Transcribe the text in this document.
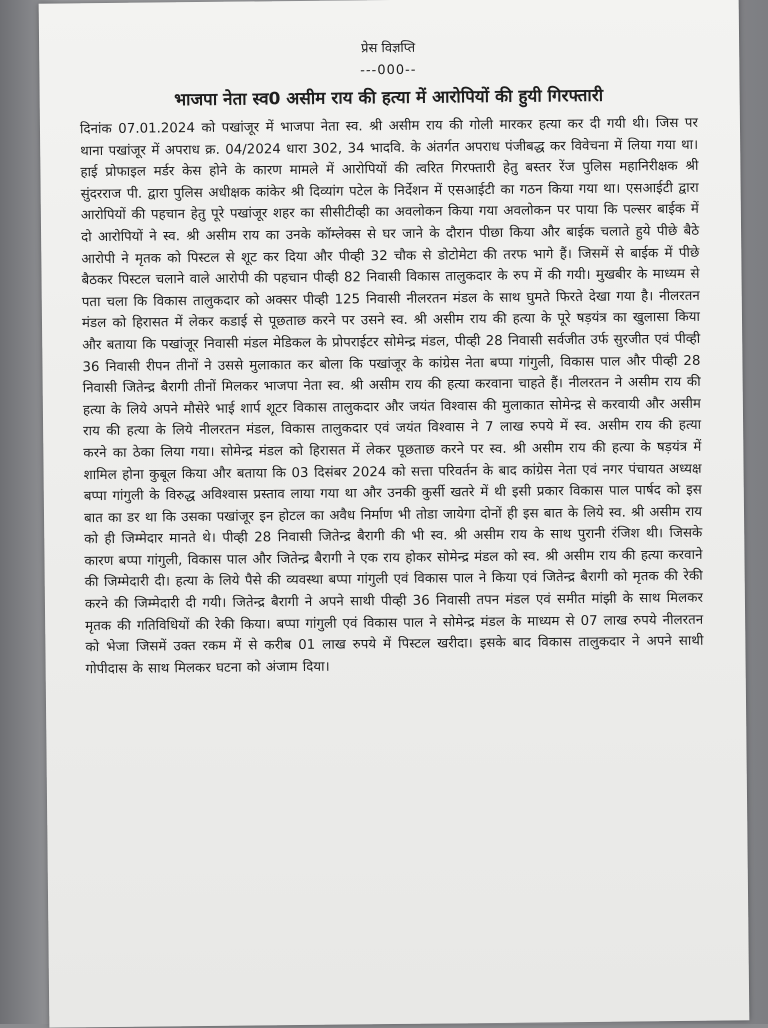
प्रेस विज्ञप्ति
---000--
भाजपा नेता स्व0 असीम राय की हत्या में आरोपियों की हुयी गिरफ्तारी

दिनांक 07.01.2024 को पखांजूर में भाजपा नेता स्व. श्री असीम राय की गोली मारकर हत्या कर दी गयी थी। जिस पर थाना पखांजूर में अपराध क्र. 04/2024 धारा 302, 34 भादवि. के अंतर्गत अपराध पंजीबद्ध कर विवेचना में लिया गया था। हाई प्रोफाइल मर्डर केस होने के कारण मामले में आरोपियों की त्वरित गिरफ्तारी हेतु बस्तर रेंज पुलिस महानिरीक्षक श्री सुंदरराज पी. द्वारा पुलिस अधीक्षक कांकेर श्री दिव्यांग पटेल के निर्देशन में एसआईटी का गठन किया गया था। एसआईटी द्वारा आरोपियों की पहचान हेतु पूरे पखांजूर शहर का सीसीटीव्ही का अवलोकन किया गया अवलोकन पर पाया कि पल्सर बाईक में दो आरोपियों ने स्व. श्री असीम राय का उनके कॉम्लेक्स से घर जाने के दौरान पीछा किया और बाईक चलाते हुये पीछे बैठे आरोपी ने मृतक को पिस्टल से शूट कर दिया और पीव्ही 32 चौक से डोटोमेटा की तरफ भागे हैं। जिसमें से बाईक में पीछे बैठकर पिस्टल चलाने वाले आरोपी की पहचान पीव्ही 82 निवासी विकास तालुकदार के रुप में की गयी। मुखबीर के माध्यम से पता चला कि विकास तालुकदार को अक्सर पीव्ही 125 निवासी नीलरतन मंडल के साथ घुमते फिरते देखा गया है। नीलरतन मंडल को हिरासत में लेकर कडाई से पूछताछ करने पर उसने स्व. श्री असीम राय की हत्या के पूरे षड़यंत्र का खुलासा किया और बताया कि पखांजूर निवासी मंडल मेडिकल के प्रोपराईटर सोमेन्द्र मंडल, पीव्ही 28 निवासी सर्वजीत उर्फ सुरजीत एवं पीव्ही 36 निवासी रीपन तीनों ने उससे मुलाकात कर बोला कि पखांजूर के कांग्रेस नेता बप्पा गांगुली, विकास पाल और पीव्ही 28 निवासी जितेन्द्र बैरागी तीनों मिलकर भाजपा नेता स्व. श्री असीम राय की हत्या करवाना चाहते हैं। नीलरतन ने असीम राय की हत्या के लिये अपने मौसेरे भाई शार्प शूटर विकास तालुकदार और जयंत विश्वास की मुलाकात सोमेन्द्र से करवायी और असीम राय की हत्या के लिये नीलरतन मंडल, विकास तालुकदार एवं जयंत विश्वास ने 7 लाख रुपये में स्व. असीम राय की हत्या करने का ठेका लिया गया। सोमेन्द्र मंडल को हिरासत में लेकर पूछताछ करने पर स्व. श्री असीम राय की हत्या के षड़यंत्र में शामिल होना कुबूल किया और बताया कि 03 दिसंबर 2024 को सत्ता परिवर्तन के बाद कांग्रेस नेता एवं नगर पंचायत अध्यक्ष बप्पा गांगुली के विरुद्ध अविश्वास प्रस्ताव लाया गया था और उनकी कुर्सी खतरे में थी इसी प्रकार विकास पाल पार्षद को इस बात का डर था कि उसका पखांजूर इन होटल का अवैध निर्माण भी तोडा जायेगा दोनों ही इस बात के लिये स्व. श्री असीम राय को ही जिम्मेदार मानते थे। पीव्ही 28 निवासी जितेन्द्र बैरागी की भी स्व. श्री असीम राय के साथ पुरानी रंजिश थी। जिसके कारण बप्पा गांगुली, विकास पाल और जितेन्द्र बैरागी ने एक राय होकर सोमेन्द्र मंडल को स्व. श्री असीम राय की हत्या करवाने की जिम्मेदारी दी। हत्या के लिये पैसे की व्यवस्था बप्पा गांगुली एवं विकास पाल ने किया एवं जितेन्द्र बैरागी को मृतक की रेकी करने की जिम्मेदारी दी गयी। जितेन्द्र बैरागी ने अपने साथी पीव्ही 36 निवासी तपन मंडल एवं समीत मांझी के साथ मिलकर मृतक की गतिविधियों की रेकी किया। बप्पा गांगुली एवं विकास पाल ने सोमेन्द्र मंडल के माध्यम से 07 लाख रुपये नीलरतन को भेजा जिसमें उक्त रकम में से करीब 01 लाख रुपये में पिस्टल खरीदा। इसके बाद विकास तालुकदार ने अपने साथी गोपीदास के साथ मिलकर घटना को अंजाम दिया।
